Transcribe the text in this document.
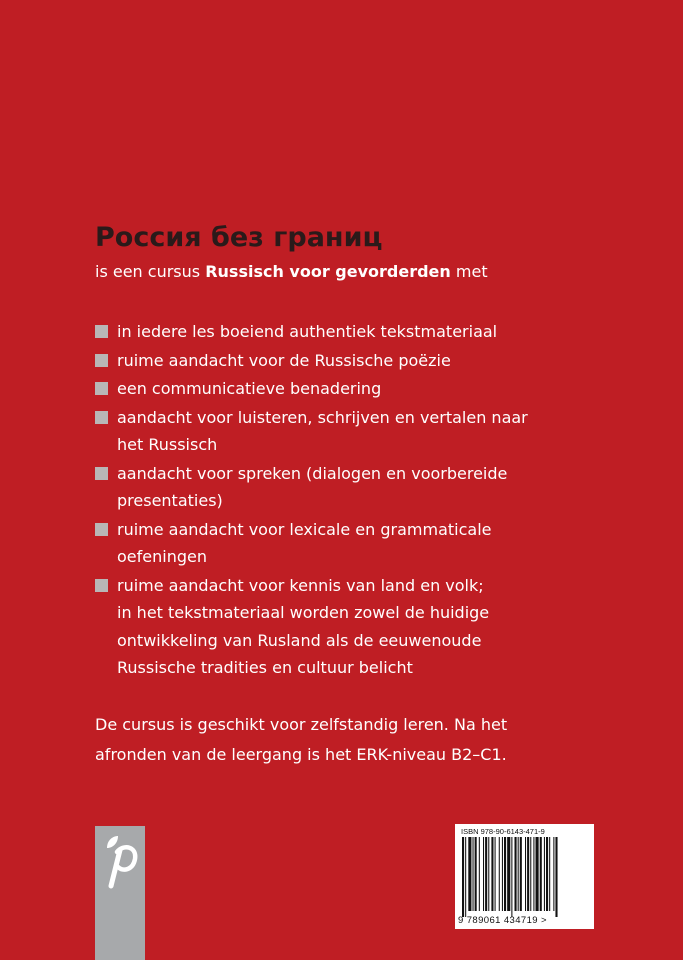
Россия без границ
is een cursus Russisch voor gevorderden met
in iedere les boeiend authentiek tekstmateriaal
ruime aandacht voor de Russische poëzie
een communicatieve benadering
aandacht voor luisteren, schrijven en vertalen naar
het Russisch
aandacht voor spreken (dialogen en voorbereide
presentaties)
ruime aandacht voor lexicale en grammaticale
oefeningen
ruime aandacht voor kennis van land en volk;
in het tekstmateriaal worden zowel de huidige
ontwikkeling van Rusland als de eeuwenoude
Russische tradities en cultuur belicht
De cursus is geschikt voor zelfstandig leren. Na het
afronden van de leergang is het ERK-niveau B2–C1.
ISBN 978-90-6143-471-9
9 789061 434719 >
